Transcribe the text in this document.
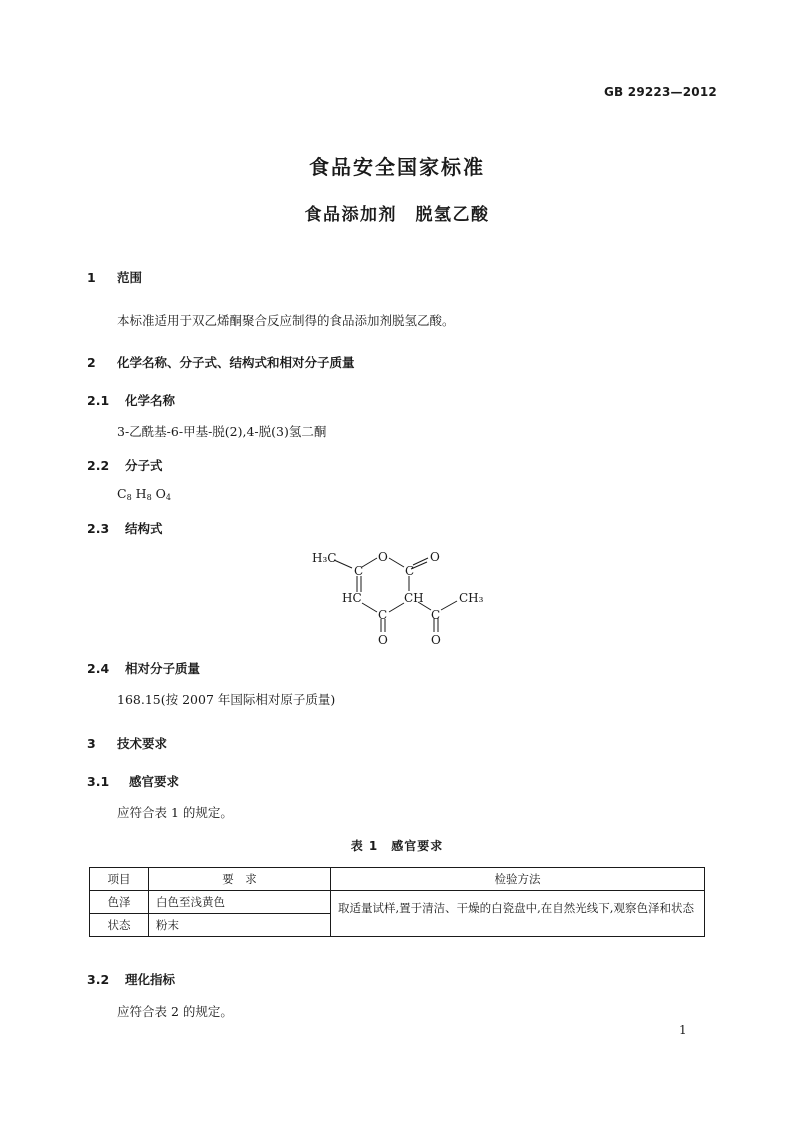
GB 29223—2012
食品安全国家标准
食品添加剂　脱氢乙酸
1 范围
本标准适用于双乙烯酮聚合反应制得的食品添加剂脱氢乙酸。
2 化学名称、分子式、结构式和相对分子质量
2.1 化学名称
3-乙酰基-6-甲基-脱(2),4-脱(3)氢二酮
2.2 分子式
$C_8$ $H_8$ $O_4$
2.3 结构式
H₃C	O	O
C	C
HC	CH
C	C
CH₃
O	O
2.4 相对分子质量
168.15(按 2007 年国际相对原子质量)
3 技术要求
3.1 感官要求
应符合表 1 的规定。
表 1　感官要求
项目	要　求	检验方法
色泽	白色至浅黄色	取适量试样,置于清洁、干燥的白瓷盘中,在自然光线下,观察色泽和状态
状态	粉末	
3.2 理化指标
应符合表 2 的规定。
1
